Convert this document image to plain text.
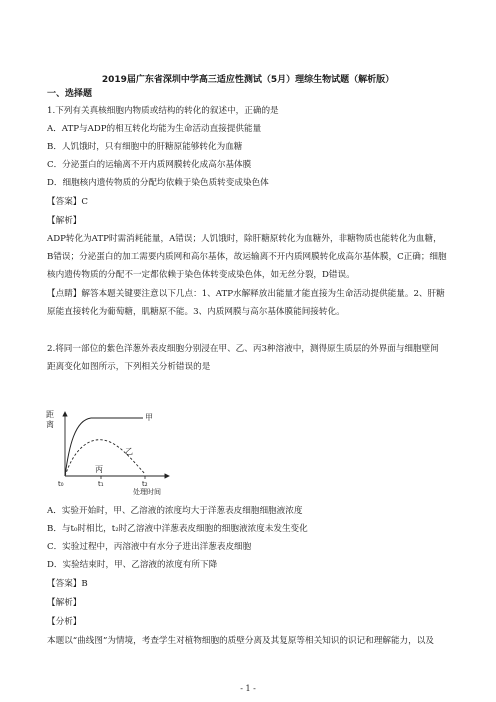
2019届广东省深圳中学高三适应性测试（5月）理综生物试题（解析版）
一、选择题
1.下列有关真核细胞内物质或结构的转化的叙述中，正确的是
A．ATP与ADP的相互转化均能为生命活动直接提供能量
B．人饥饿时，只有细胞中的肝糖原能够转化为血糖
C．分泌蛋白的运输离不开内质网膜转化成高尔基体膜
D．细胞核内遗传物质的分配均依赖于染色质转变成染色体
【答案】C
【解析】
ADP转化为ATP时需消耗能量，A错误；人饥饿时，除肝糖原转化为血糖外，非糖物质也能转化为血糖，
B错误；分泌蛋白的加工需要内质网和高尔基体，故运输离不开内质网膜转化成高尔基体膜，C正确；细胞
核内遗传物质的分配不一定都依赖于染色体转变成染色体，如无丝分裂，D错误。
【点睛】解答本题关键要注意以下几点：1、ATP水解释放出能量才能直接为生命活动提供能量。2、肝糖
原能直接转化为葡萄糖，肌糖原不能。3、内质网膜与高尔基体膜能间接转化。
2.将同一部位的紫色洋葱外表皮细胞分别浸在甲、乙、丙3种溶液中，测得原生质层的外界面与细胞壁间
距离变化如图所示，下列相关分析错误的是
距
离
甲
乙
丙
t₀	t₁	t₂
处理时间
A．实验开始时，甲、乙溶液的浓度均大于洋葱表皮细胞细胞液浓度
B．与t₀时相比，t₂时乙溶液中洋葱表皮细胞的细胞液浓度未发生变化
C．实验过程中，丙溶液中有水分子进出洋葱表皮细胞
D．实验结束时，甲、乙溶液的浓度有所下降
【答案】B
【解析】
【分析】
本题以“曲线图”为情境，考查学生对植物细胞的质壁分离及其复原等相关知识的识记和理解能力，以及
- 1 -
